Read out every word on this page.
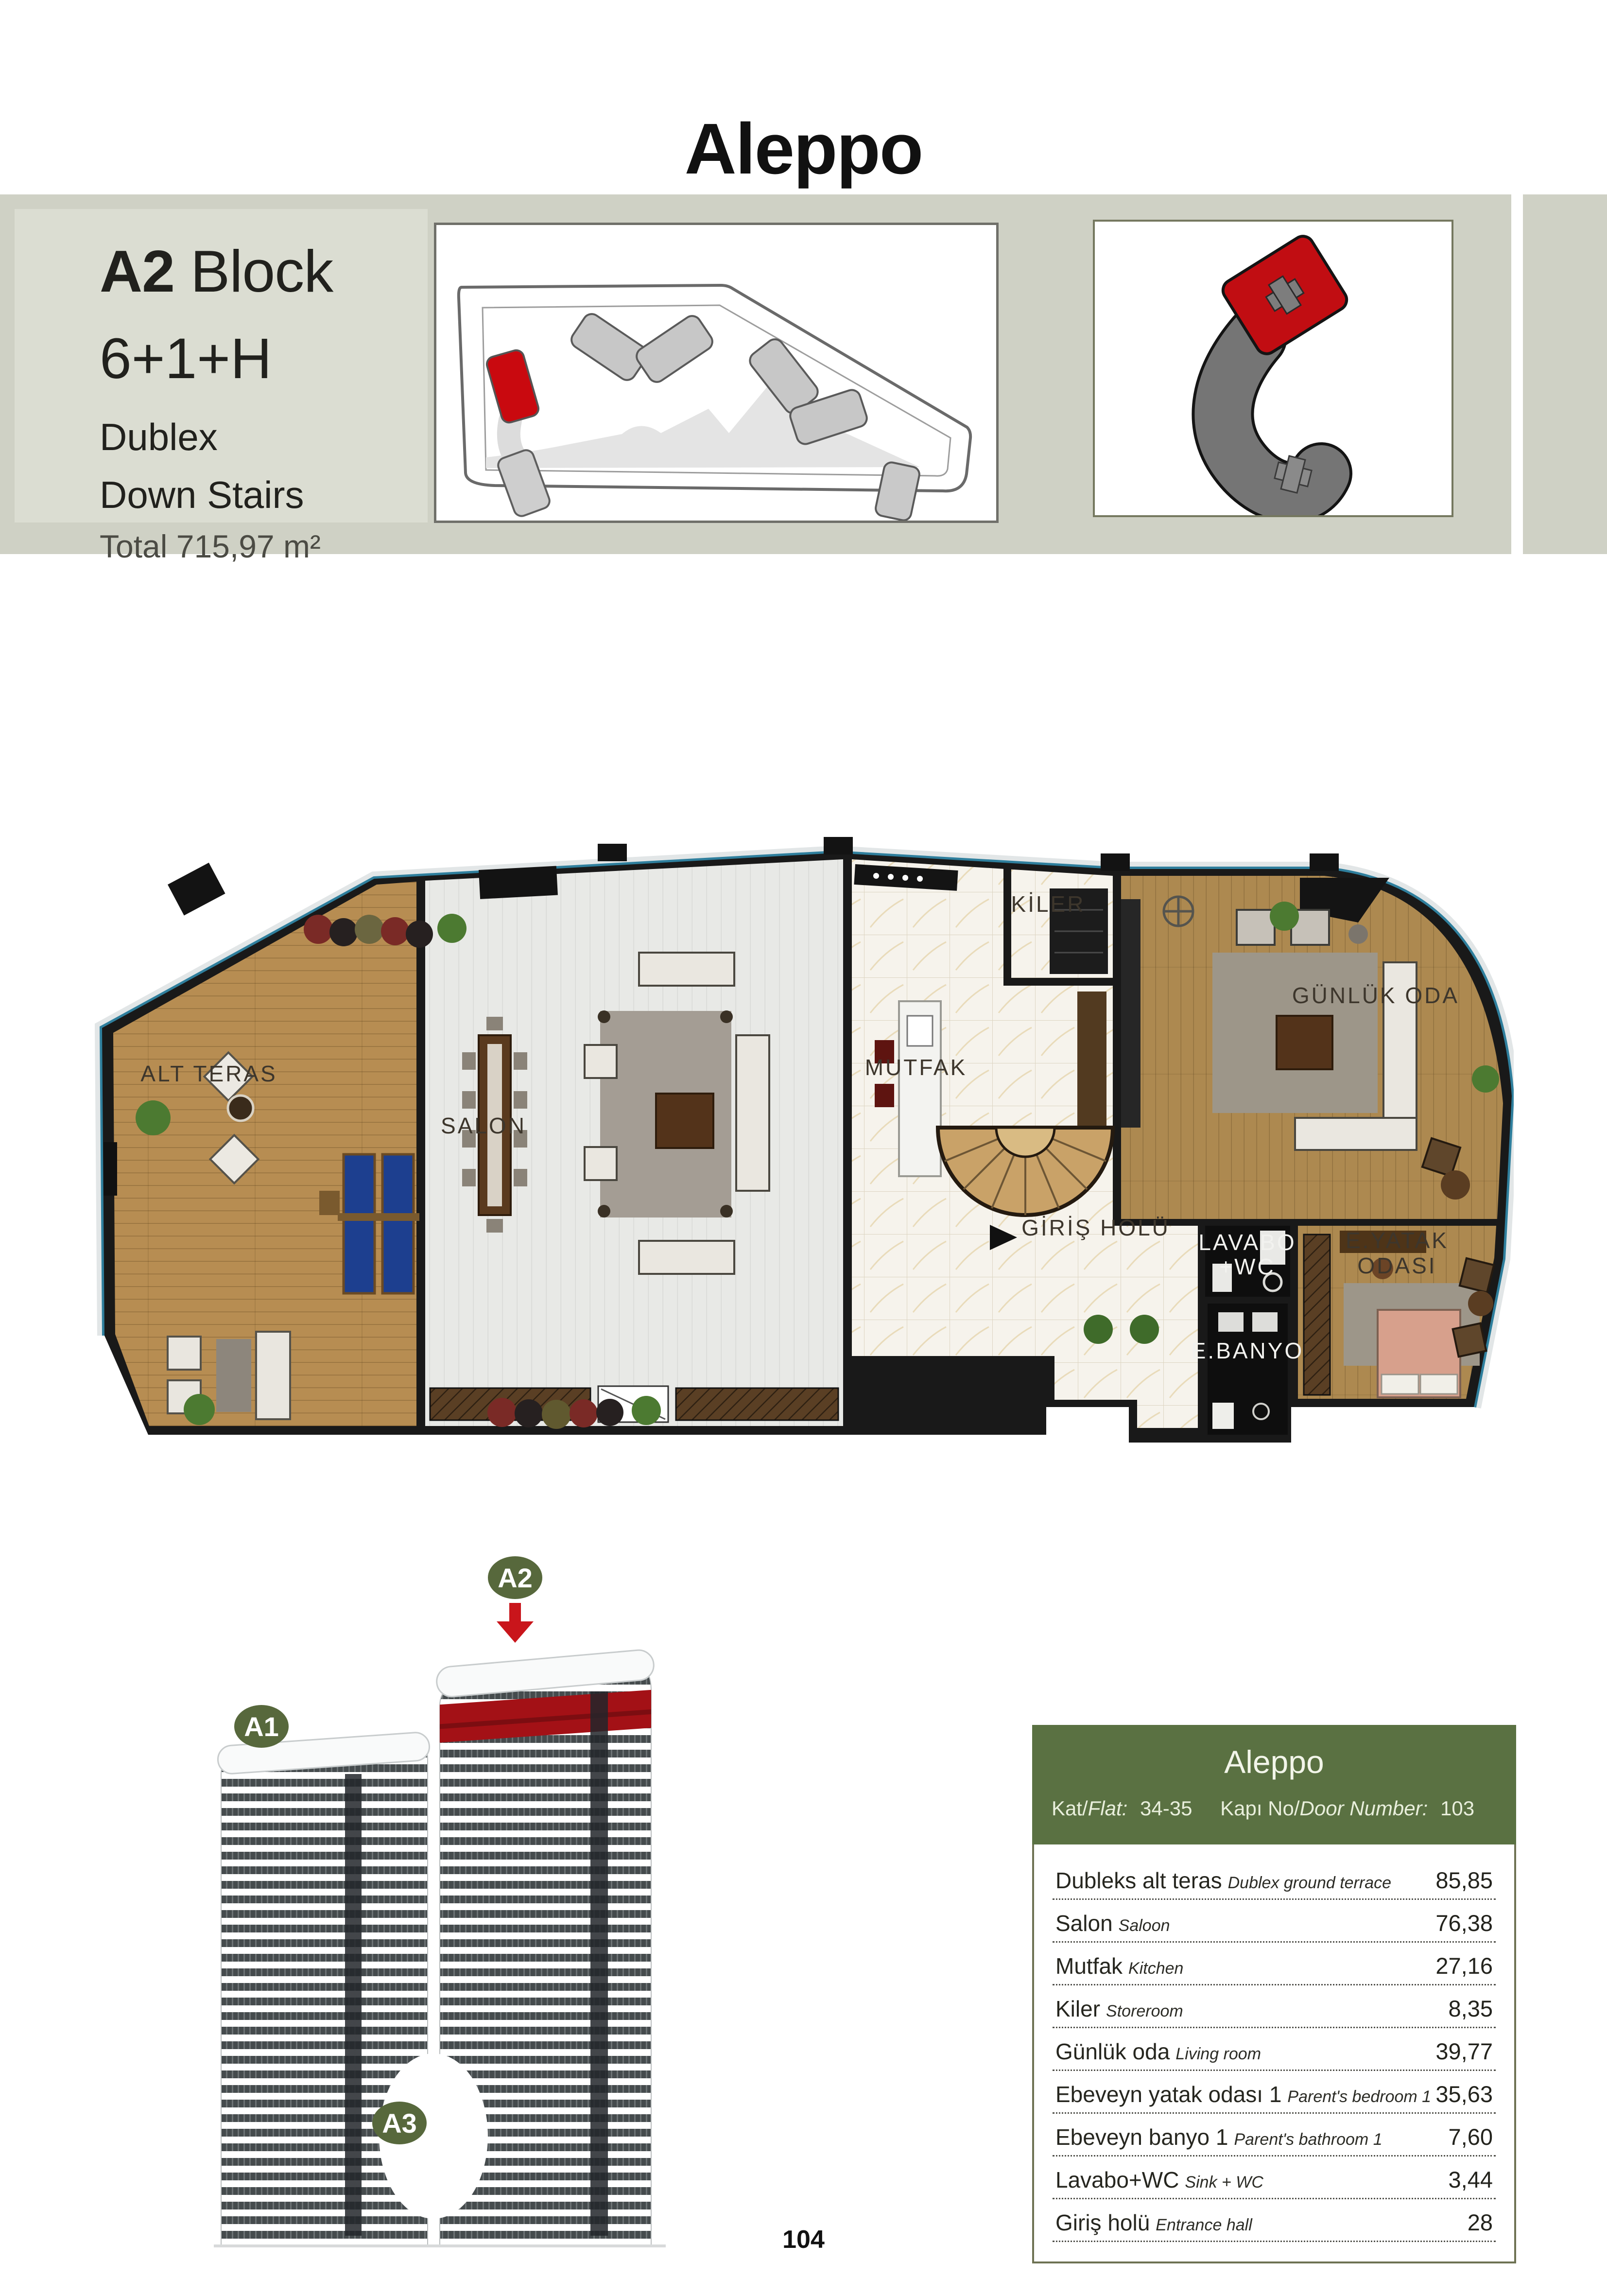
Aleppo
A2 Block
6+1+H
Dublex
Down Stairs
Total 715,97 m²
ALT TERAS
SALON
MUTFAK
KİLER
GÜNLÜK ODA
GİRİŞ HOLÜ
LAVABO
+WC
E.YATAK
ODASI
E.BANYO
A1
A2
A3
Aleppo
Kat/Flat: 34-35 Kapı No/Door Number: 103
Dubleks alt teras Dublex ground terrace 85,85
Salon Saloon	76,38
Mutfak Kitchen	27,16
Kiler Storeroom	8,35
Günlük oda Living room	39,77
Ebeveyn yatak odası 1 Parent's bedroom 1 35,63
Ebeveyn banyo 1 Parent's bathroom 1	7,60
Lavabo+WC Sink + WC	3,44
Giriş holü Entrance hall	28
104
